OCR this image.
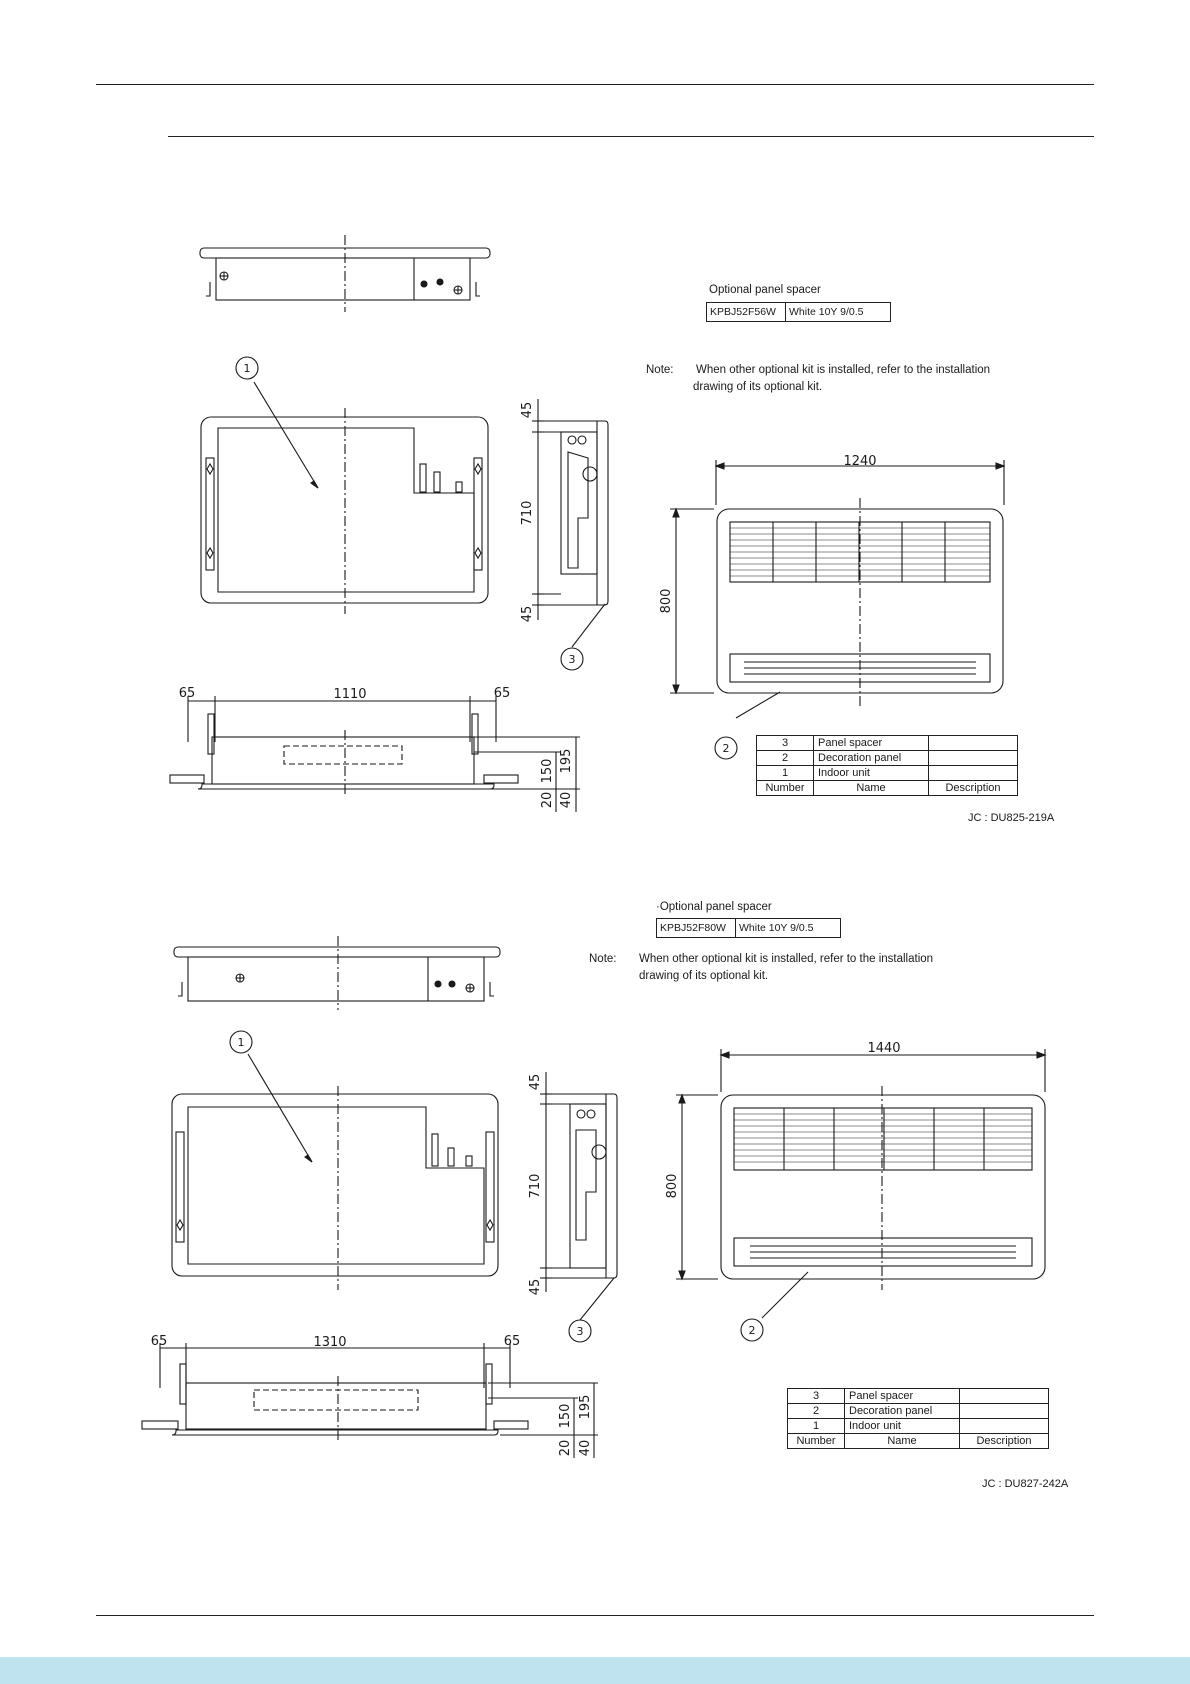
1
3
2
1240
800
45
710
45
65	1110	65
150 195
20 40
1
3	2
1440
800
45
710
45
65	1310	65
150 195
20 40
Optional panel spacer
KPBJ52F56W	White 10Y 9/0.5
Note: When other optional kit is installed, refer to the installation
drawing of its optional kit.
3	Panel spacer	
2	Decoration panel	
1	Indoor unit	
Number	Name	Description
JC : DU825-219A
·Optional panel spacer
KPBJ52F80W	White 10Y 9/0.5
Note: When other optional kit is installed, refer to the installation
drawing of its optional kit.
3	Panel spacer	
2	Decoration panel	
1	Indoor unit	
Number	Name	Description
JC : DU827-242A
